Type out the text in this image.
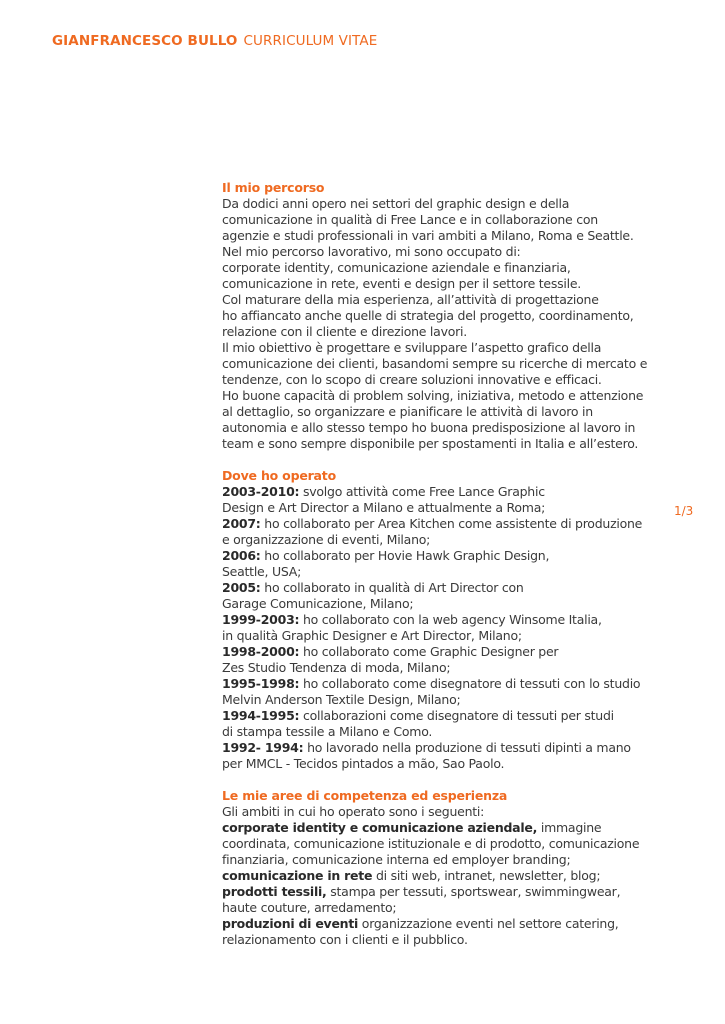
GIANFRANCESCO BULLO CURRICULUM VITAE
1/3
Il mio percorso
Da dodici anni opero nei settori del graphic design e della
comunicazione in qualità di Free Lance e in collaborazione con
agenzie e studi professionali in vari ambiti a Milano, Roma e Seattle.
Nel mio percorso lavorativo, mi sono occupato di:
corporate identity, comunicazione aziendale e finanziaria,
comunicazione in rete, eventi e design per il settore tessile.
Col maturare della mia esperienza, all’attività di progettazione
ho affiancato anche quelle di strategia del progetto, coordinamento,
relazione con il cliente e direzione lavori.
Il mio obiettivo è progettare e sviluppare l’aspetto grafico della
comunicazione dei clienti, basandomi sempre su ricerche di mercato e
tendenze, con lo scopo di creare soluzioni innovative e efficaci.
Ho buone capacità di problem solving, iniziativa, metodo e attenzione
al dettaglio, so organizzare e pianificare le attività di lavoro in
autonomia e allo stesso tempo ho buona predisposizione al lavoro in
team e sono sempre disponibile per spostamenti in Italia e all’estero.
Dove ho operato
2003-2010: svolgo attività come Free Lance Graphic
Design e Art Director a Milano e attualmente a Roma;
2007: ho collaborato per Area Kitchen come assistente di produzione
e organizzazione di eventi, Milano;
2006: ho collaborato per Hovie Hawk Graphic Design,
Seattle, USA;
2005: ho collaborato in qualità di Art Director con
Garage Comunicazione, Milano;
1999-2003: ho collaborato con la web agency Winsome Italia,
in qualità Graphic Designer e Art Director, Milano;
1998-2000: ho collaborato come Graphic Designer per
Zes Studio Tendenza di moda, Milano;
1995-1998: ho collaborato come disegnatore di tessuti con lo studio
Melvin Anderson Textile Design, Milano;
1994-1995: collaborazioni come disegnatore di tessuti per studi
di stampa tessile a Milano e Como.
1992- 1994: ho lavorado nella produzione di tessuti dipinti a mano
per MMCL - Tecidos pintados a mão, Sao Paolo.
Le mie aree di competenza ed esperienza
Gli ambiti in cui ho operato sono i seguenti:
corporate identity e comunicazione aziendale, immagine
coordinata, comunicazione istituzionale e di prodotto, comunicazione
finanziaria, comunicazione interna ed employer branding;
comunicazione in rete di siti web, intranet, newsletter, blog;
prodotti tessili, stampa per tessuti, sportswear, swimmingwear,
haute couture, arredamento;
produzioni di eventi organizzazione eventi nel settore catering,
relazionamento con i clienti e il pubblico.
